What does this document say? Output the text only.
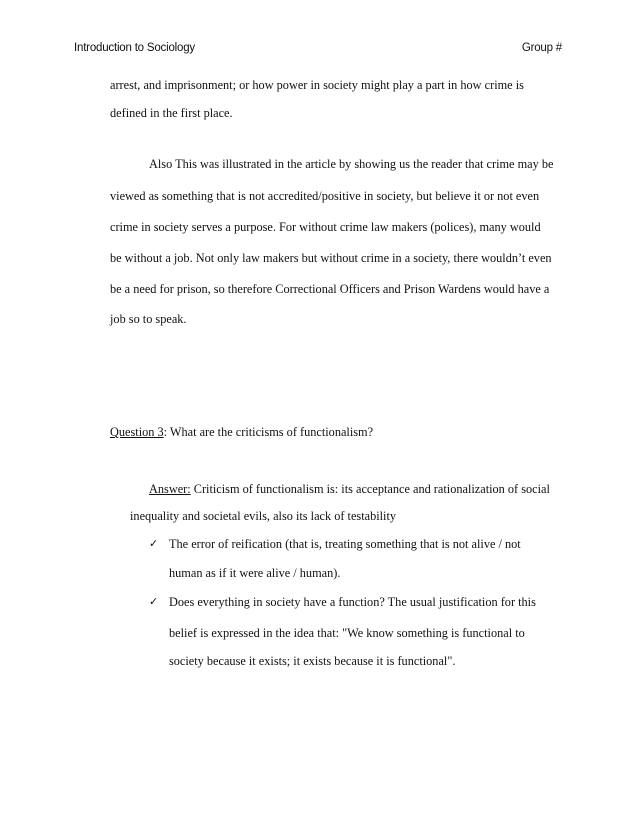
Introduction to Sociology	Group #
arrest, and imprisonment; or how power in society might play a part in how crime is
defined in the first place.
Also This was illustrated in the article by showing us the reader that crime may be
viewed as something that is not accredited/positive in society, but believe it or not even
crime in society serves a purpose. For without crime law makers (polices), many would
be without a job. Not only law makers but without crime in a society, there wouldn’t even
be a need for prison, so therefore Correctional Officers and Prison Wardens would have a
job so to speak.
Question 3: What are the criticisms of functionalism?
Answer: Criticism of functionalism is: its acceptance and rationalization of social
inequality and societal evils, also its lack of testability
✓ The error of reification (that is, treating something that is not alive / not
human as if it were alive / human).
✓ Does everything in society have a function? The usual justification for this
belief is expressed in the idea that: "We know something is functional to
society because it exists; it exists because it is functional".
